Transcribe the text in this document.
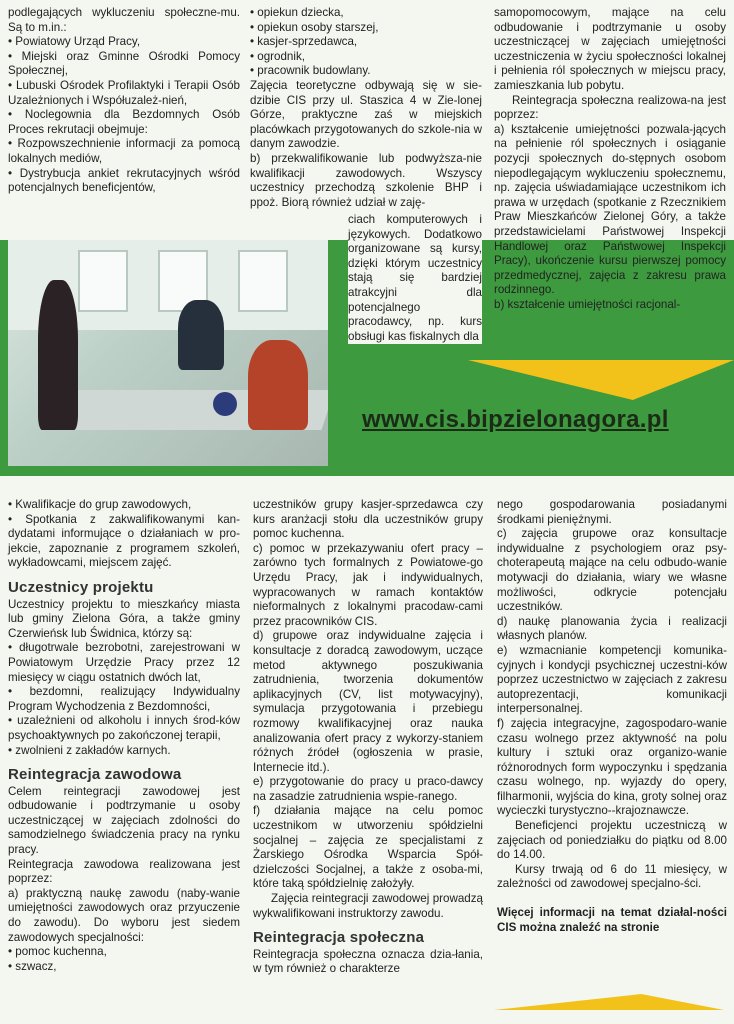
www.cis.bipzielonagora.pl

podlegających wykluczeniu społeczne-mu. Są to m.in.:

• Powiatowy Urząd Pracy,

• Miejski oraz Gminne Ośrodki Pomocy Społecznej,

• Lubuski Ośrodek Profilaktyki i Terapii Osób Uzależnionych i Współuzależ-nień,

• Noclegownia dla Bezdomnych Osób Proces rekrutacji obejmuje:

• Rozpowszechnienie informacji za pomocą lokalnych mediów,

• Dystrybucja ankiet rekrutacyjnych wśród potencjalnych beneficjentów,

• opiekun dziecka,

• opiekun osoby starszej,

• kasjer-sprzedawca,

• ogrodnik,

• pracownik budowlany.

Zajęcia teoretyczne odbywają się w sie-dzibie CIS przy ul. Staszica 4 w Zie-lonej Górze, praktyczne zaś w miejskich placówkach przygotowanych do szkole-nia w danym zawodzie.

b) przekwalifikowanie lub podwyższa-nie kwalifikacji zawodowych. Wszyscy uczestnicy przechodzą szkolenie BHP i ppoż. Biorą również udział w zaję-

ciach komputerowych i językowych. Dodatkowo organizowane są kursy, dzięki którym uczestnicy stają się bardziej atrakcyjni dla potencjalnego pracodawcy, np. kurs obsługi kas fiskalnych dla

samopomocowym, mające na celu odbudowanie i podtrzymanie u osoby uczestniczącej w zajęciach umiejętności uczestniczenia w życiu społeczności lokalnej i pełnienia ról społecznych w miejscu pracy, zamieszkania lub pobytu.

Reintegracja społeczna realizowa-na jest poprzez:

a) kształcenie umiejętności pozwala-jących na pełnienie ról społecznych i osiąganie pozycji społecznych do-stępnych osobom niepodlegającym wykluczeniu społecznemu, np. zajęcia uświadamiające uczestnikom ich prawa w urzędach (spotkanie z Rzecznikiem Praw Mieszkańców Zielonej Góry, a także przedstawicielami Państwowej Inspekcji Handlowej oraz Państwowej Inspekcji Pracy), ukończenie kursu pierwszej pomocy przedmedycznej, zajęcia z zakresu prawa rodzinnego.

b) kształcenie umiejętności racjonal-

• Kwalifikacje do grup zawodowych,

• Spotkania z zakwalifikowanymi kan-dydatami informujące o działaniach w pro-jekcie, zapoznanie z programem szkoleń, wykładowcami, miejscem zajęć.

Uczestnicy projektu

Uczestnicy projektu to mieszkańcy miasta lub gminy Zielona Góra, a także gminy Czerwieńsk lub Świdnica, którzy są:

• długotrwale bezrobotni, zarejestrowani w Powiatowym Urzędzie Pracy przez 12 miesięcy w ciągu ostatnich dwóch lat,

• bezdomni, realizujący Indywidualny Program Wychodzenia z Bezdomności,

• uzależnieni od alkoholu i innych środ-ków psychoaktywnych po zakończonej terapii,

• zwolnieni z zakładów karnych.

Reintegracja zawodowa

Celem reintegracji zawodowej jest odbudowanie i podtrzymanie u osoby uczestniczącej w zajęciach zdolności do samodzielnego świadczenia pracy na rynku pracy.

Reintegracja zawodowa realizowana jest poprzez:

a) praktyczną naukę zawodu (naby-wanie umiejętności zawodowych oraz przyuczenie do zawodu). Do wyboru jest siedem zawodowych specjalności:

• pomoc kuchenna,

• szwacz,

uczestników grupy kasjer-sprzedawca czy kurs aranżacji stołu dla uczestników grupy pomoc kuchenna.

c) pomoc w przekazywaniu ofert pracy – zarówno tych formalnych z Powiatowe-go Urzędu Pracy, jak i indywidualnych, wypracowanych w ramach kontaktów nieformalnych z lokalnymi pracodaw-cami przez pracowników CIS.

d) grupowe oraz indywidualne zajęcia i konsultacje z doradcą zawodowym, uczące metod aktywnego poszukiwania zatrudnienia, tworzenia dokumentów aplikacyjnych (CV, list motywacyjny), symulacja przygotowania i przebiegu rozmowy kwalifikacyjnej oraz nauka analizowania ofert pracy z wykorzy-staniem różnych źródeł (ogłoszenia w prasie, Internecie itd.).

e) przygotowanie do pracy u praco-dawcy na zasadzie zatrudnienia wspie-ranego.

f) działania mające na celu pomoc uczestnikom w utworzeniu spółdzielni socjalnej – zajęcia ze specjalistami z Żarskiego Ośrodka Wsparcia Spół-dzielczości Socjalnej, a także z osoba-mi, które taką spółdzielnię założyły.

Zajęcia reintegracji zawodowej prowadzą wykwalifikowani instruktorzy zawodu.

Reintegracja społeczna

Reintegracja społeczna oznacza dzia-łania, w tym również o charakterze

nego gospodarowania posiadanymi środkami pieniężnymi.

c) zajęcia grupowe oraz konsultacje indywidualne z psychologiem oraz psy-choterapeutą mające na celu odbudo-wanie motywacji do działania, wiary we własne możliwości, odkrycie potencjału uczestników.

d) naukę planowania życia i realizacji własnych planów.

e) wzmacnianie kompetencji komunika-cyjnych i kondycji psychicznej uczestni-ków poprzez uczestnictwo w zajęciach z zakresu autoprezentacji, komunikacji interpersonalnej.

f) zajęcia integracyjne, zagospodaro-wanie czasu wolnego przez aktywność na polu kultury i sztuki oraz organizo-wanie różnorodnych form wypoczynku i spędzania czasu wolnego, np. wyjazdy do opery, filharmonii, wyjścia do kina, groty solnej oraz wycieczki turystyczno--krajoznawcze.

Beneficjenci projektu uczestniczą w zajęciach od poniedziałku do piątku od 8.00 do 14.00.

Kursy trwają od 6 do 11 miesięcy, w zależności od zawodowej specjalno-ści.

Więcej informacji na temat działal-ności CIS można znaleźć na stronie
